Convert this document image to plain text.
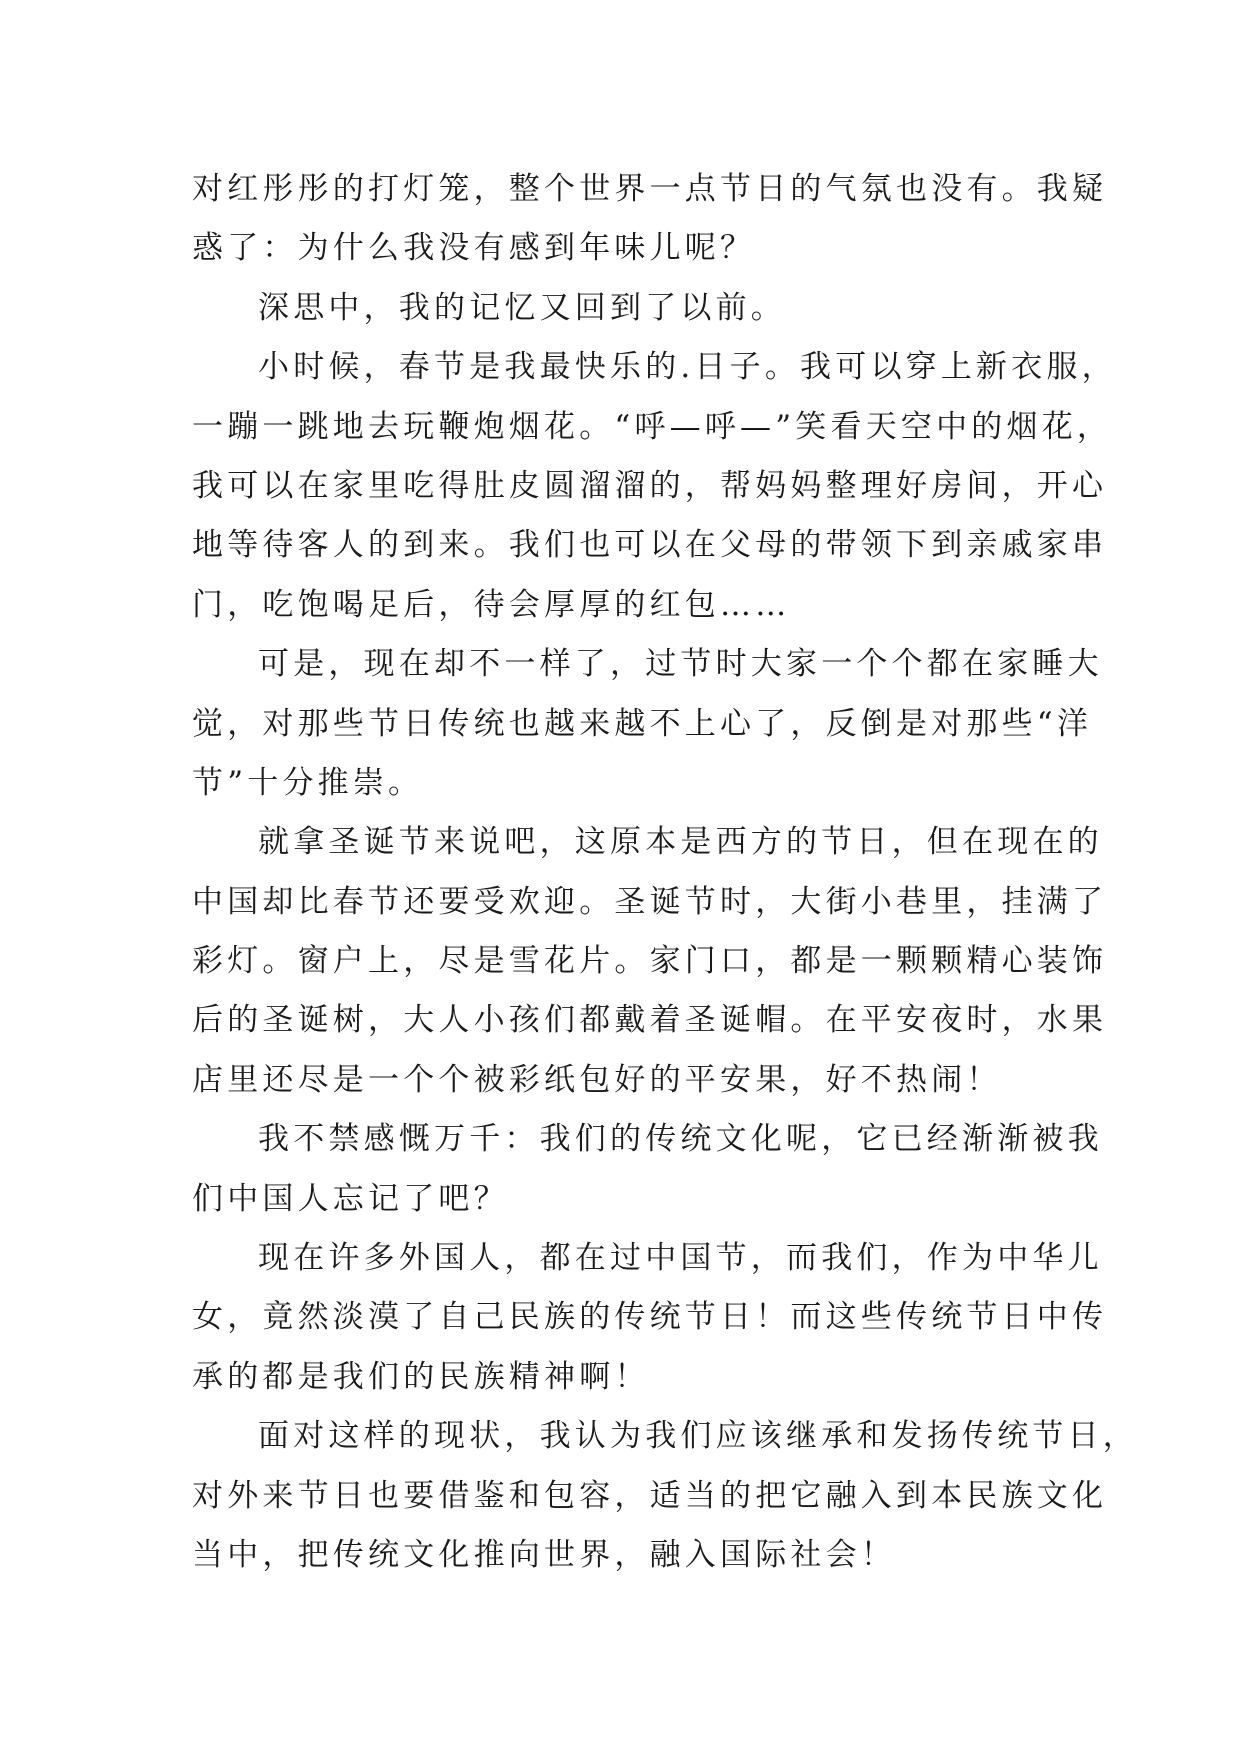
对红彤彤的打灯笼，整个世界一点节日的气氛也没有。我疑
惑了：为什么我没有感到年味儿呢？
深思中，我的记忆又回到了以前。
小时候，春节是我最快乐的.日子。我可以穿上新衣服，
一蹦一跳地去玩鞭炮烟花。“呼—呼—”笑看天空中的烟花，
我可以在家里吃得肚皮圆溜溜的，帮妈妈整理好房间，开心
地等待客人的到来。我们也可以在父母的带领下到亲戚家串
门，吃饱喝足后，待会厚厚的红包……
可是，现在却不一样了，过节时大家一个个都在家睡大
觉，对那些节日传统也越来越不上心了，反倒是对那些“洋
节”十分推崇。
就拿圣诞节来说吧，这原本是西方的节日，但在现在的
中国却比春节还要受欢迎。圣诞节时，大街小巷里，挂满了
彩灯。窗户上，尽是雪花片。家门口，都是一颗颗精心装饰
后的圣诞树，大人小孩们都戴着圣诞帽。在平安夜时，水果
店里还尽是一个个被彩纸包好的平安果，好不热闹！
我不禁感慨万千：我们的传统文化呢，它已经渐渐被我
们中国人忘记了吧？
现在许多外国人，都在过中国节，而我们，作为中华儿
女，竟然淡漠了自己民族的传统节日！而这些传统节日中传
承的都是我们的民族精神啊！
面对这样的现状，我认为我们应该继承和发扬传统节日，
对外来节日也要借鉴和包容，适当的把它融入到本民族文化
当中，把传统文化推向世界，融入国际社会！
